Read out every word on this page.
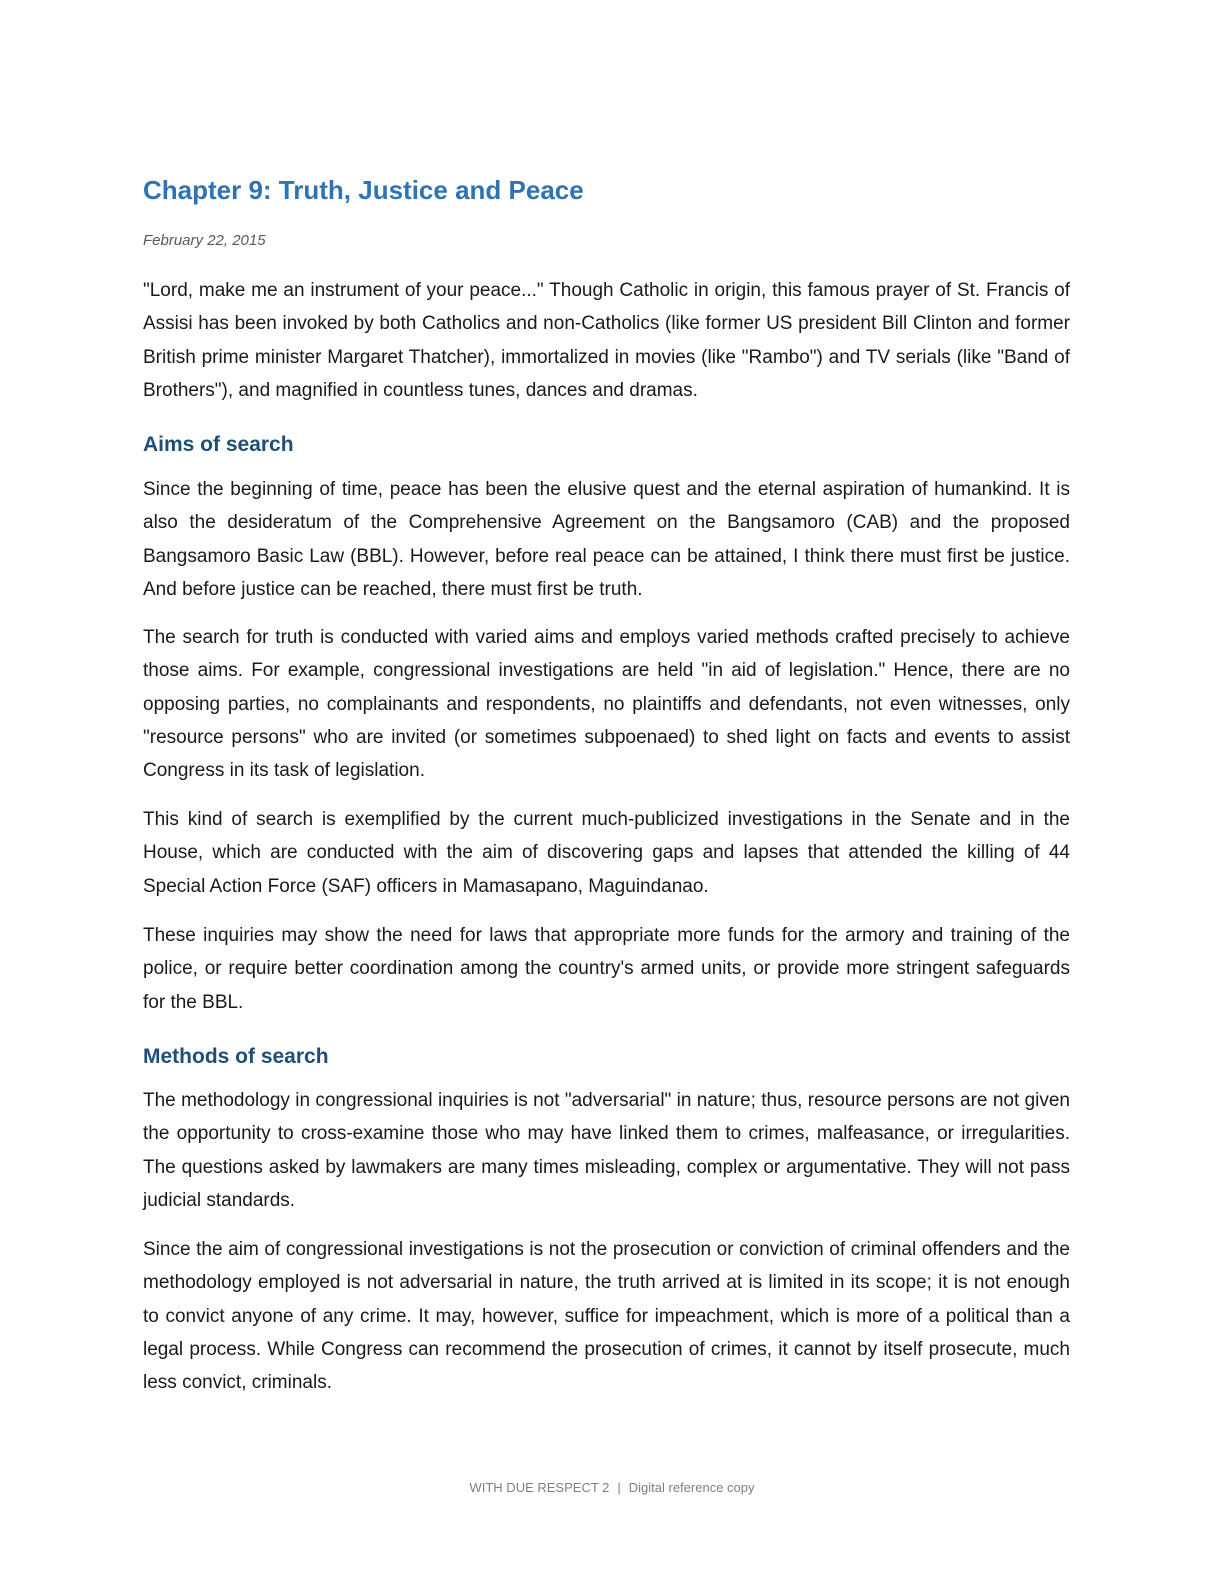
Chapter 9: Truth, Justice and Peace

February 22, 2015

"Lord, make me an instrument of your peace..." Though Catholic in origin, this famous prayer of St. Francis of Assisi has been invoked by both Catholics and non-Catholics (like former US president Bill Clinton and former British prime minister Margaret Thatcher), immortalized in movies (like "Rambo") and TV serials (like "Band of Brothers"), and magnified in countless tunes, dances and dramas.

Aims of search

Since the beginning of time, peace has been the elusive quest and the eternal aspiration of humankind. It is also the desideratum of the Comprehensive Agreement on the Bangsamoro (CAB) and the proposed Bangsamoro Basic Law (BBL). However, before real peace can be attained, I think there must first be justice. And before justice can be reached, there must first be truth.

The search for truth is conducted with varied aims and employs varied methods crafted precisely to achieve those aims. For example, congressional investigations are held "in aid of legislation." Hence, there are no opposing parties, no complainants and respondents, no plaintiffs and defendants, not even witnesses, only "resource persons" who are invited (or sometimes subpoenaed) to shed light on facts and events to assist Congress in its task of legislation.

This kind of search is exemplified by the current much-publicized investigations in the Senate and in the House, which are conducted with the aim of discovering gaps and lapses that attended the killing of 44 Special Action Force (SAF) officers in Mamasapano, Maguindanao.

These inquiries may show the need for laws that appropriate more funds for the armory and training of the police, or require better coordination among the country's armed units, or provide more stringent safeguards for the BBL.

Methods of search

The methodology in congressional inquiries is not "adversarial" in nature; thus, resource persons are not given the opportunity to cross-examine those who may have linked them to crimes, malfeasance, or irregularities. The questions asked by lawmakers are many times misleading, complex or argumentative. They will not pass judicial standards.

Since the aim of congressional investigations is not the prosecution or conviction of criminal offenders and the methodology employed is not adversarial in nature, the truth arrived at is limited in its scope; it is not enough to convict anyone of any crime. It may, however, suffice for impeachment, which is more of a political than a legal process. While Congress can recommend the prosecution of crimes, it cannot by itself prosecute, much less convict, criminals.

WITH DUE RESPECT 2 | Digital reference copy
